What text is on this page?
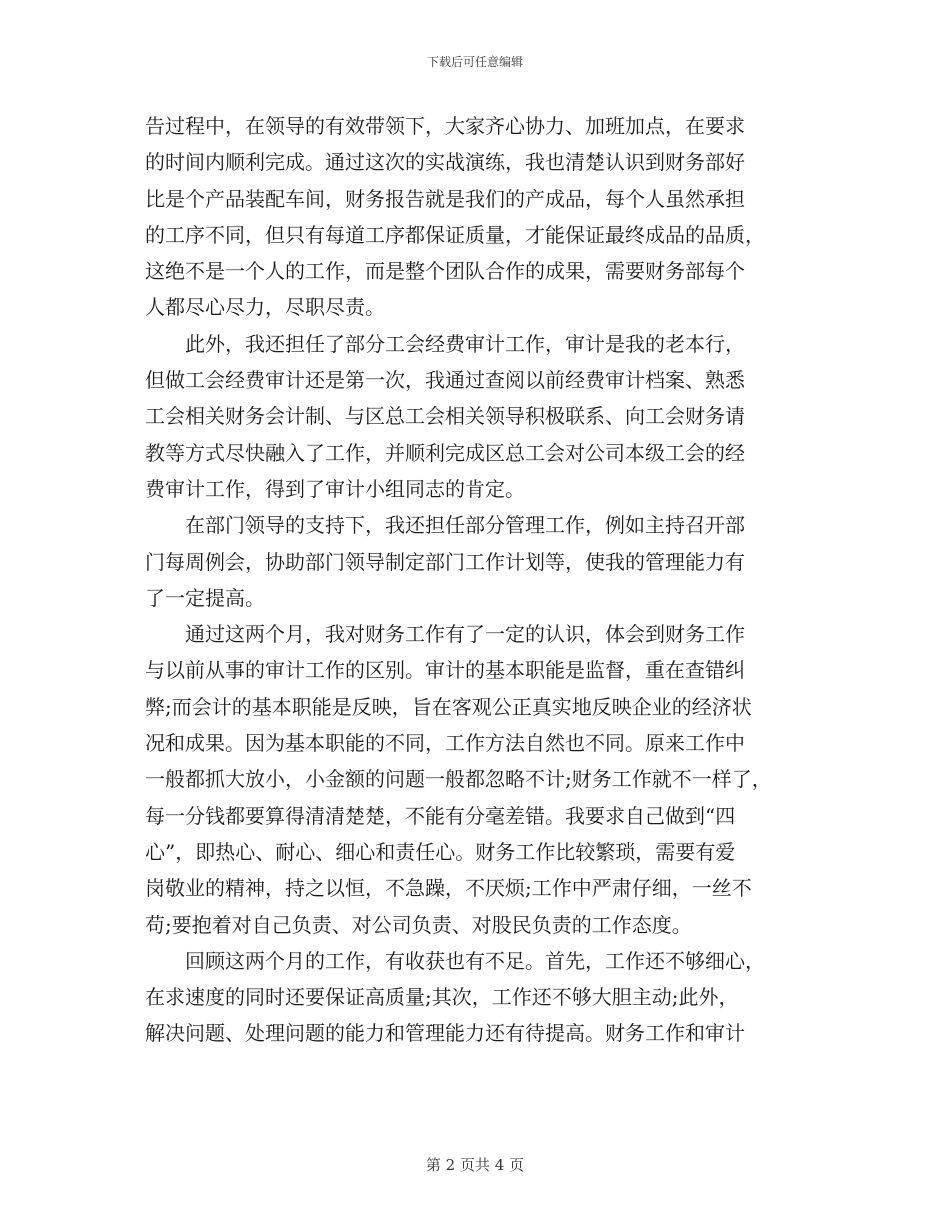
下载后可任意编辑
告过程中，在领导的有效带领下，大家齐心协力、加班加点，在要求
的时间内顺利完成。通过这次的实战演练，我也清楚认识到财务部好
比是个产品装配车间，财务报告就是我们的产成品，每个人虽然承担
的工序不同，但只有每道工序都保证质量，才能保证最终成品的品质，
这绝不是一个人的工作，而是整个团队合作的成果，需要财务部每个
人都尽心尽力，尽职尽责。
　　此外，我还担任了部分工会经费审计工作，审计是我的老本行，
但做工会经费审计还是第一次，我通过查阅以前经费审计档案、熟悉
工会相关财务会计制、与区总工会相关领导积极联系、向工会财务请
教等方式尽快融入了工作，并顺利完成区总工会对公司本级工会的经
费审计工作，得到了审计小组同志的肯定。
　　在部门领导的支持下，我还担任部分管理工作，例如主持召开部
门每周例会，协助部门领导制定部门工作计划等，使我的管理能力有
了一定提高。
　　通过这两个月，我对财务工作有了一定的认识，体会到财务工作
与以前从事的审计工作的区别。审计的基本职能是监督，重在查错纠
弊;而会计的基本职能是反映，旨在客观公正真实地反映企业的经济状
况和成果。因为基本职能的不同，工作方法自然也不同。原来工作中
一般都抓大放小，小金额的问题一般都忽略不计;财务工作就不一样了，
每一分钱都要算得清清楚楚，不能有分毫差错。我要求自己做到“四
心”，即热心、耐心、细心和责任心。财务工作比较繁琐，需要有爱
岗敬业的精神，持之以恒，不急躁，不厌烦;工作中严肃仔细，一丝不
苟;要抱着对自己负责、对公司负责、对股民负责的工作态度。
　　回顾这两个月的工作，有收获也有不足。首先，工作还不够细心，
在求速度的同时还要保证高质量;其次，工作还不够大胆主动;此外，
解决问题、处理问题的能力和管理能力还有待提高。财务工作和审计
第 2 页共 4 页
